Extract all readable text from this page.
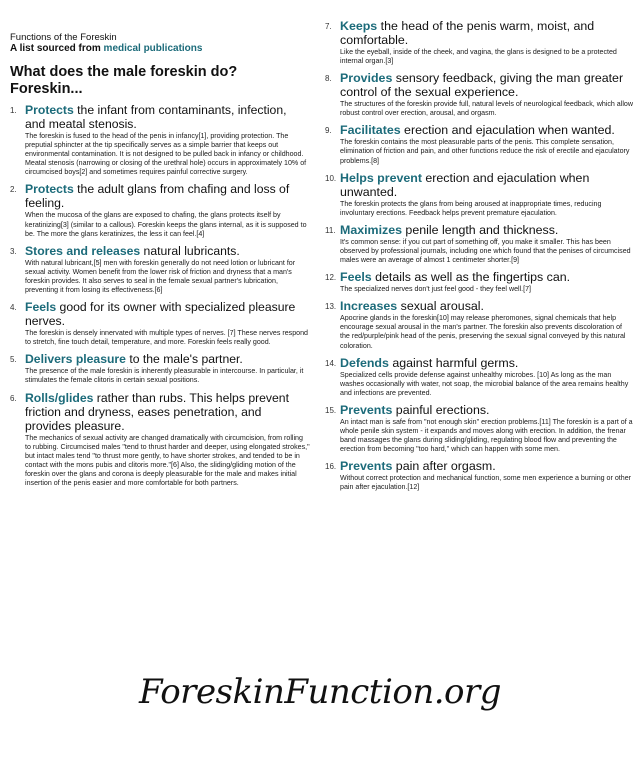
Functions of the Foreskin
A list sourced from medical publications
What does the male foreskin do? Foreskin...
1. Protects the infant from contaminants, infection, and meatal stenosis.
The foreskin is fused to the head of the penis in infancy[1], providing protection. The preputial sphincter at the tip specifically serves as a simple barrier that keeps out environmental contamination. It is not designed to be pulled back in infancy or childhood. Meatal stenosis (narrowing or closing of the urethral hole) occurs in approximately 10% of circumcised boys[2] and sometimes requires painful corrective surgery.
2. Protects the adult glans from chafing and loss of feeling.
When the mucosa of the glans are exposed to chafing, the glans protects itself by keratinizing[3] (similar to a callous). Foreskin keeps the glans internal, as it is supposed to be. The more the glans keratinizes, the less it can feel.[4]
3. Stores and releases natural lubricants.
With natural lubricant,[5] men with foreskin generally do not need lotion or lubricant for sexual activity. Women benefit from the lower risk of friction and dryness that a man's foreskin provides. It also serves to seal in the female sexual partner's lubrication, preventing it from losing its effectiveness.[6]
4. Feels good for its owner with specialized pleasure nerves.
The foreskin is densely innervated with multiple types of nerves. [7] These nerves respond to stretch, fine touch detail, temperature, and more. Foreskin feels really good.
5. Delivers pleasure to the male's partner.
The presence of the male foreskin is inherently pleasurable in intercourse. In particular, it stimulates the female clitoris in certain sexual positions.
6. Rolls/glides rather than rubs. This helps prevent friction and dryness, eases penetration, and provides pleasure.
The mechanics of sexual activity are changed dramatically with circumcision, from rolling to rubbing. Circumcised males "tend to thrust harder and deeper, using elongated strokes," but intact males tend "to thrust more gently, to have shorter strokes, and tended to be in contact with the mons pubis and clitoris more."[6] Also, the sliding/gliding motion of the foreskin over the glans and corona is deeply pleasurable for the male and makes initial insertion of the penis easier and more comfortable for both partners.
7. Keeps the head of the penis warm, moist, and comfortable.
Like the eyeball, inside of the cheek, and vagina, the glans is designed to be a protected internal organ.[3]
8. Provides sensory feedback, giving the man greater control of the sexual experience.
The structures of the foreskin provide full, natural levels of neurological feedback, which allow robust control over erection, arousal, and orgasm.
9. Facilitates erection and ejaculation when wanted.
The foreskin contains the most pleasurable parts of the penis. This complete sensation, elimination of friction and pain, and other functions reduce the risk of erectile and ejaculatory problems.[8]
10. Helps prevent erection and ejaculation when unwanted.
The foreskin protects the glans from being aroused at inappropriate times, reducing involuntary erections. Feedback helps prevent premature ejaculation.
11. Maximizes penile length and thickness.
It's common sense: if you cut part of something off, you make it smaller. This has been observed by professional journals, including one which found that the penises of circumcised males were an average of almost 1 centimeter shorter.[9]
12. Feels details as well as the fingertips can.
The specialized nerves don't just feel good - they feel well.[7]
13. Increases sexual arousal.
Apocrine glands in the foreskin[10] may release pheromones, signal chemicals that help encourage sexual arousal in the man's partner. The foreskin also prevents discoloration of the red/purple/pink head of the penis, preserving the sexual signal conveyed by this natural coloration.
14. Defends against harmful germs.
Specialized cells provide defense against unhealthy microbes. [10] As long as the man washes occasionally with water, not soap, the microbial balance of the area remains healthy and infections are prevented.
15. Prevents painful erections.
An intact man is safe from "not enough skin" erection problems.[11] The foreskin is a part of a whole penile skin system - it expands and moves along with erection. In addition, the frenar band massages the glans during sliding/gliding, regulating blood flow and preventing the erection from becoming "too hard," which can happen with some men.
16. Prevents pain after orgasm.
Without correct protection and mechanical function, some men experience a burning or other pain after ejaculation.[12]
ForeskinFunction.org
